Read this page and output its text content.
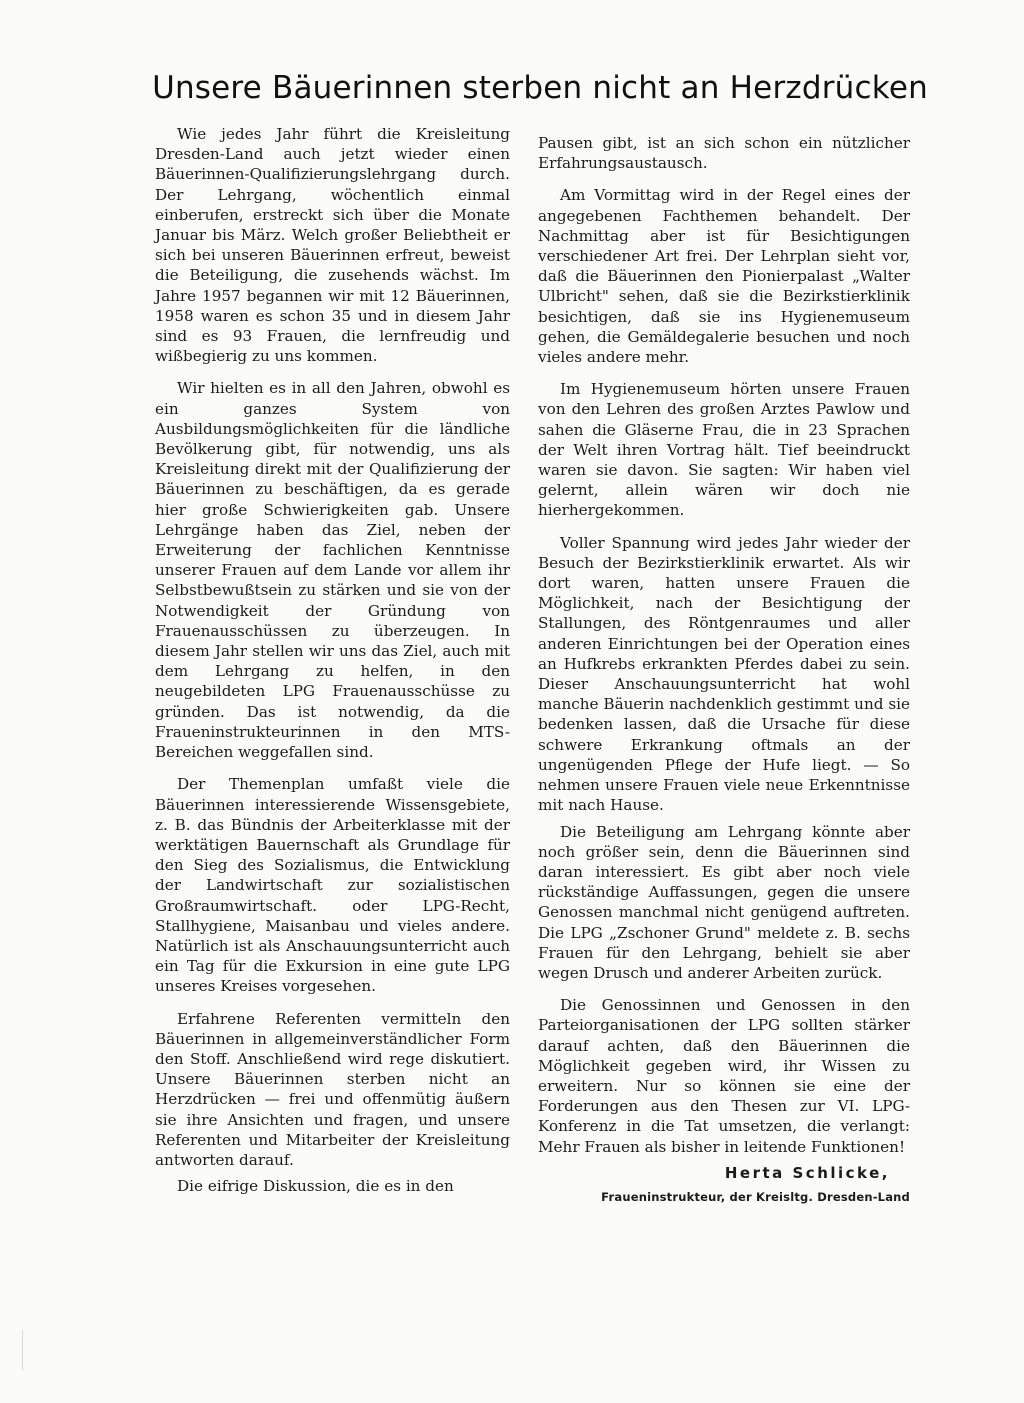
Unsere Bäuerinnen sterben nicht an Herzdrücken

Wie jedes Jahr führt die Kreisleitung Dresden-Land auch jetzt wieder einen Bäuerinnen-Qualifizierungslehrgang durch. Der Lehrgang, wöchentlich einmal einberufen, erstreckt sich über die Monate Januar bis März. Welch großer Beliebtheit er sich bei unseren Bäuerinnen erfreut, beweist die Beteiligung, die zusehends wächst. Im Jahre 1957 begannen wir mit 12 Bäuerinnen, 1958 waren es schon 35 und in diesem Jahr sind es 93 Frauen, die lernfreudig und wißbegierig zu uns kommen.

Wir hielten es in all den Jahren, obwohl es ein ganzes System von Ausbildungsmöglichkeiten für die ländliche Bevölkerung gibt, für notwendig, uns als Kreisleitung direkt mit der Qualifizierung der Bäuerinnen zu beschäftigen, da es gerade hier große Schwierigkeiten gab. Unsere Lehrgänge haben das Ziel, neben der Erweiterung der fachlichen Kenntnisse unserer Frauen auf dem Lande vor allem ihr Selbstbewußtsein zu stärken und sie von der Notwendigkeit der Gründung von Frauenausschüssen zu überzeugen. In diesem Jahr stellen wir uns das Ziel, auch mit dem Lehrgang zu helfen, in den neugebildeten LPG Frauenausschüsse zu gründen. Das ist notwendig, da die Fraueninstrukteurinnen in den MTS-Bereichen weggefallen sind.

Der Themenplan umfaßt viele die Bäuerinnen interessierende Wissensgebiete, z. B. das Bündnis der Arbeiterklasse mit der werktätigen Bauernschaft als Grundlage für den Sieg des Sozialismus, die Entwicklung der Landwirtschaft zur sozialistischen Großraumwirtschaft. oder LPG-Recht, Stallhygiene, Maisanbau und vieles andere. Natürlich ist als Anschauungsunterricht auch ein Tag für die Exkursion in eine gute LPG unseres Kreises vorgesehen.

Erfahrene Referenten vermitteln den Bäuerinnen in allgemeinverständlicher Form den Stoff. Anschließend wird rege diskutiert. Unsere Bäuerinnen sterben nicht an Herzdrücken — frei und offenmütig äußern sie ihre Ansichten und fragen, und unsere Referenten und Mitarbeiter der Kreisleitung antworten darauf.

Die eifrige Diskussion, die es in den

Pausen gibt, ist an sich schon ein nützlicher Erfahrungsaustausch.

Am Vormittag wird in der Regel eines der angegebenen Fachthemen behandelt. Der Nachmittag aber ist für Besichtigungen verschiedener Art frei. Der Lehrplan sieht vor, daß die Bäuerinnen den Pionierpalast „Walter Ulbricht" sehen, daß sie die Bezirkstierklinik besichtigen, daß sie ins Hygienemuseum gehen, die Gemäldegalerie besuchen und noch vieles andere mehr.

Im Hygienemuseum hörten unsere Frauen von den Lehren des großen Arztes Pawlow und sahen die Gläserne Frau, die in 23 Sprachen der Welt ihren Vortrag hält. Tief beeindruckt waren sie davon. Sie sagten: Wir haben viel gelernt, allein wären wir doch nie hierhergekommen.

Voller Spannung wird jedes Jahr wieder der Besuch der Bezirkstierklinik erwartet. Als wir dort waren, hatten unsere Frauen die Möglichkeit, nach der Besichtigung der Stallungen, des Röntgenraumes und aller anderen Einrichtungen bei der Operation eines an Hufkrebs erkrankten Pferdes dabei zu sein. Dieser Anschauungsunterricht hat wohl manche Bäuerin nachdenklich gestimmt und sie bedenken lassen, daß die Ursache für diese schwere Erkrankung oftmals an der ungenügenden Pflege der Hufe liegt. — So nehmen unsere Frauen viele neue Erkenntnisse mit nach Hause.

Die Beteiligung am Lehrgang könnte aber noch größer sein, denn die Bäuerinnen sind daran interessiert. Es gibt aber noch viele rückständige Auffassungen, gegen die unsere Genossen manchmal nicht genügend auftreten. Die LPG „Zschoner Grund" meldete z. B. sechs Frauen für den Lehrgang, behielt sie aber wegen Drusch und anderer Arbeiten zurück.

Die Genossinnen und Genossen in den Parteiorganisationen der LPG sollten stärker darauf achten, daß den Bäuerinnen die Möglichkeit gegeben wird, ihr Wissen zu erweitern. Nur so können sie eine der Forderungen aus den Thesen zur VI. LPG-Konferenz in die Tat umsetzen, die verlangt: Mehr Frauen als bisher in leitende Funktionen!

Herta Schlicke,
Fraueninstrukteur, der Kreisltg. Dresden-Land
